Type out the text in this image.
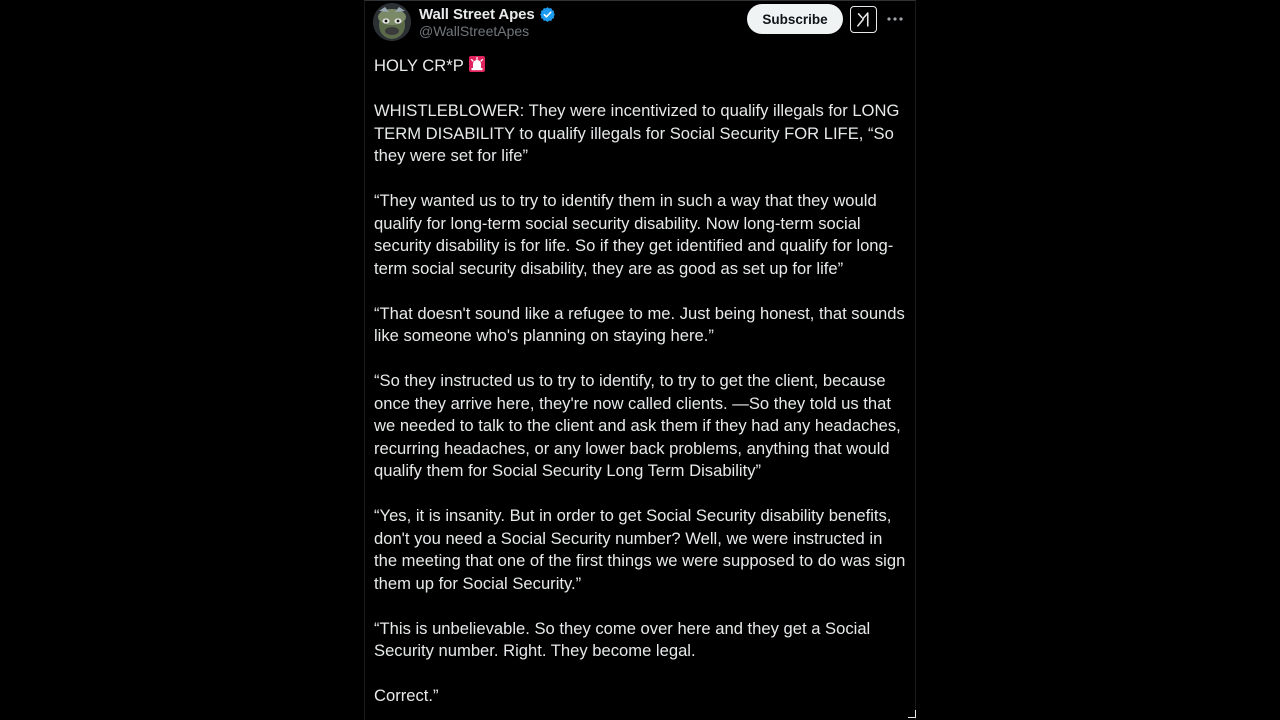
Wall Street Apes
@WallStreetApes
Subscribe

HOLY CR*P

WHISTLEBLOWER: They were incentivized to qualify illegals for LONG TERM DISABILITY to qualify illegals for Social Security FOR LIFE, “So they were set for life”

“They wanted us to try to identify them in such a way that they would qualify for long-term social security disability. Now long-term social security disability is for life. So if they get identified and qualify for long-term social security disability, they are as good as set up for life”

“That doesn't sound like a refugee to me. Just being honest, that sounds like someone who's planning on staying here.”

“So they instructed us to try to identify, to try to get the client, because once they arrive here, they're now called clients. —So they told us that we needed to talk to the client and ask them if they had any headaches, recurring headaches, or any lower back problems, anything that would qualify them for Social Security Long Term Disability”

“Yes, it is insanity. But in order to get Social Security disability benefits, don't you need a Social Security number? Well, we were instructed in the meeting that one of the first things we were supposed to do was sign them up for Social Security.”

“This is unbelievable. So they come over here and they get a Social Security number. Right. They become legal.

Correct.”
